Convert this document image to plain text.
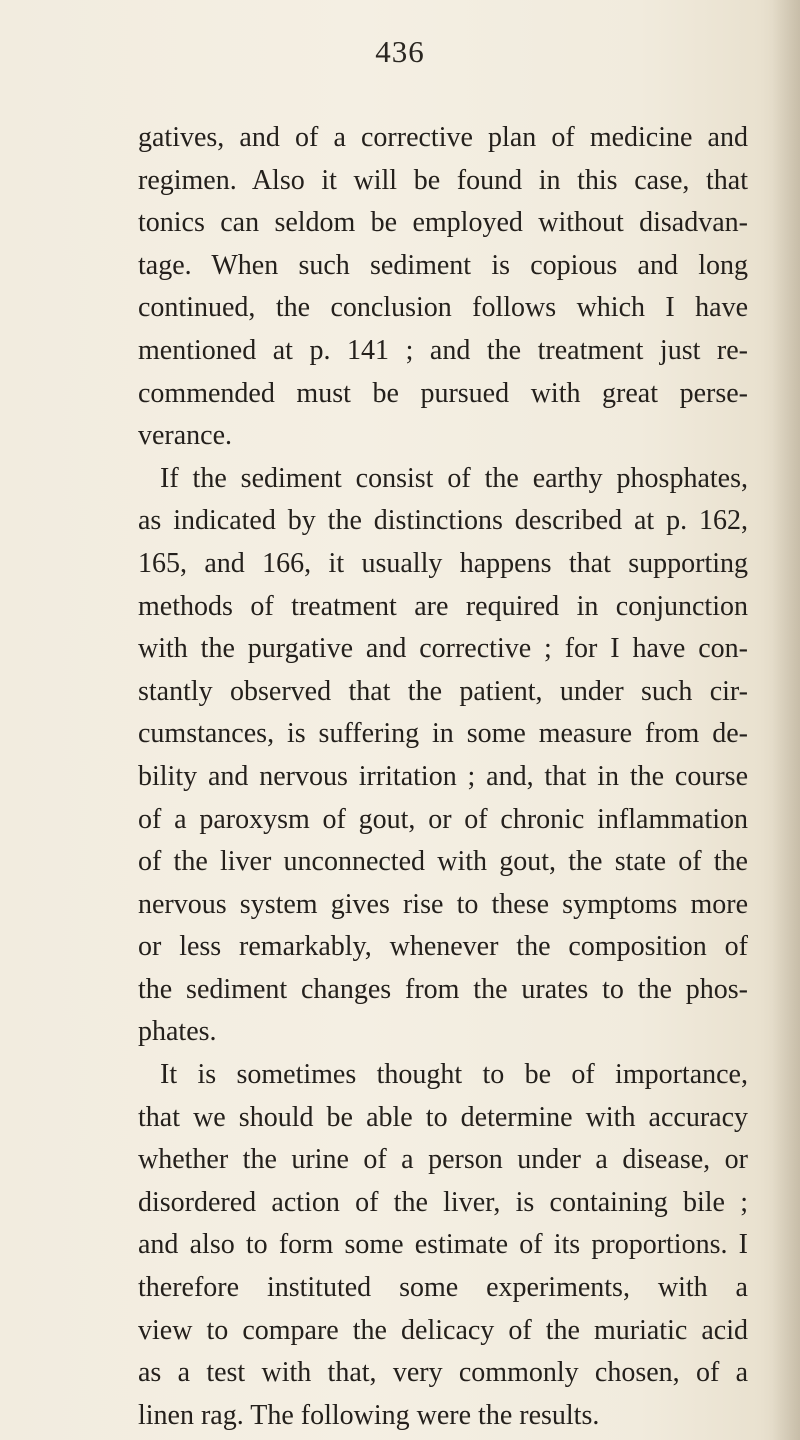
436
gatives, and of a corrective plan of medicine and
regimen. Also it will be found in this case, that
tonics can seldom be employed without disadvan-
tage. When such sediment is copious and long
continued, the conclusion follows which I have
mentioned at p. 141 ; and the treatment just re-
commended must be pursued with great perse-
verance.
If the sediment consist of the earthy phosphates,
as indicated by the distinctions described at p. 162,
165, and 166, it usually happens that supporting
methods of treatment are required in conjunction
with the purgative and corrective ; for I have con-
stantly observed that the patient, under such cir-
cumstances, is suffering in some measure from de-
bility and nervous irritation ; and, that in the course
of a paroxysm of gout, or of chronic inflammation
of the liver unconnected with gout, the state of the
nervous system gives rise to these symptoms more
or less remarkably, whenever the composition of
the sediment changes from the urates to the phos-
phates.
It is sometimes thought to be of importance,
that we should be able to determine with accuracy
whether the urine of a person under a disease, or
disordered action of the liver, is containing bile ;
and also to form some estimate of its proportions. I
therefore instituted some experiments, with a
view to compare the delicacy of the muriatic acid
as a test with that, very commonly chosen, of a
linen rag. The following were the results.
